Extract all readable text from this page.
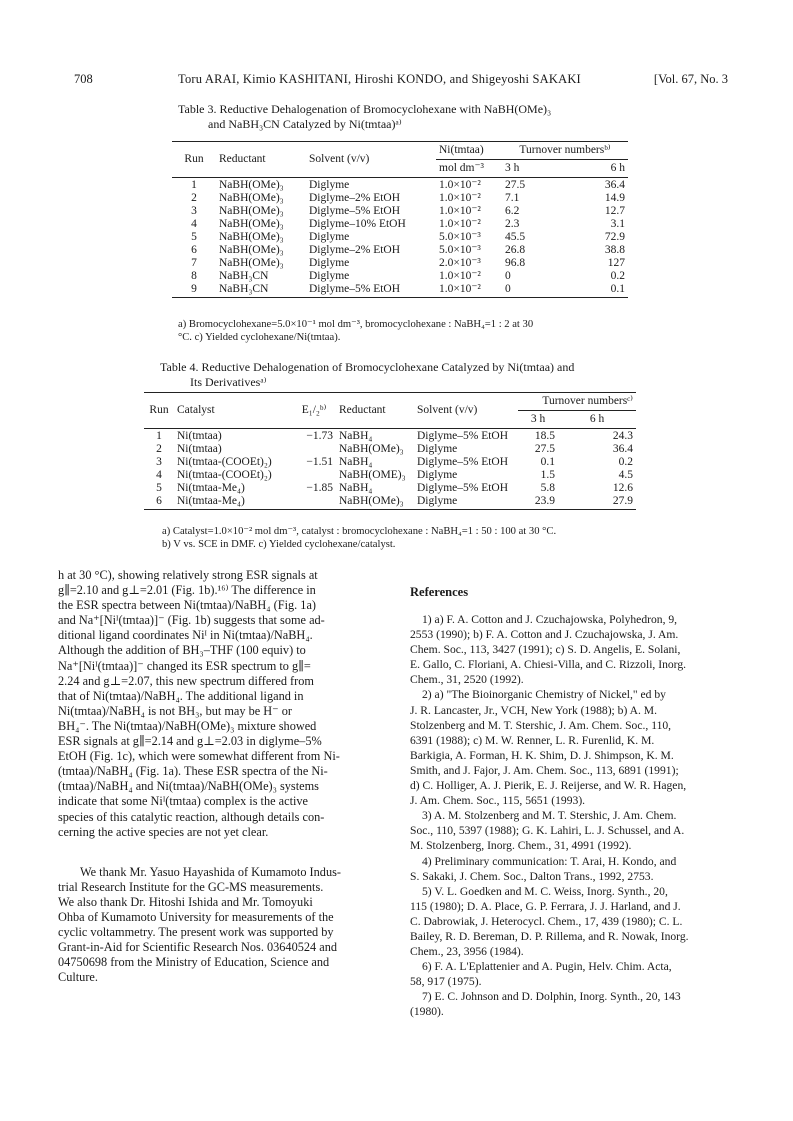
708	Toru ARAI, Kimio KASHITANI, Hiroshi KONDO, and Shigeyoshi SAKAKI	[Vol. 67, No. 3
Table 3. Reductive Dehalogenation of Bromocyclohexane with NaBH(OMe)₃
and NaBH₃CN Catalyzed by Ni(tmtaa)ᵃ⁾
Run	Reductant	Solvent (v/v)	Ni(tmtaa)	Turnover numbersᵇ⁾	
			mol dm⁻³	3 h	6 h
1	NaBH(OMe)₃	Diglyme	1.0×10⁻²	27.5	36.4
2	NaBH(OMe)₃	Diglyme–2% EtOH	1.0×10⁻²	7.1	14.9
3	NaBH(OMe)₃	Diglyme–5% EtOH	1.0×10⁻²	6.2	12.7
4	NaBH(OMe)₃	Diglyme–10% EtOH	1.0×10⁻²	2.3	3.1
5	NaBH(OMe)₃	Diglyme	5.0×10⁻³	45.5	72.9
6	NaBH(OMe)₃	Diglyme–2% EtOH	5.0×10⁻³	26.8	38.8
7	NaBH(OMe)₃	Diglyme	2.0×10⁻³	96.8	127
8	NaBH₃CN	Diglyme	1.0×10⁻²	0	0.2
9	NaBH₃CN	Diglyme–5% EtOH	1.0×10⁻²	0	0.1
a) Bromocyclohexane=5.0×10⁻¹ mol dm⁻³, bromocyclohexane : NaBH₄=1 : 2 at 30
°C. c) Yielded cyclohexane/Ni(tmtaa).
Table 4. Reductive Dehalogenation of Bromocyclohexane Catalyzed by Ni(tmtaa) and
Its Derivativesᵃ⁾
Run	Catalyst	E₁/₂ᵇ⁾	Reductant	Solvent (v/v)	Turnover numbersᶜ⁾	
					3 h	6 h
1	Ni(tmtaa)	−1.73	NaBH₄	Diglyme–5% EtOH	18.5	24.3
2	Ni(tmtaa)		NaBH(OMe)₃	Diglyme	27.5	36.4
3	Ni(tmtaa-(COOEt)₂)	−1.51	NaBH₄	Diglyme–5% EtOH	0.1	0.2
4	Ni(tmtaa-(COOEt)₂)		NaBH(OME)₃	Diglyme	1.5	4.5
5	Ni(tmtaa-Me₄)	−1.85	NaBH₄	Diglyme–5% EtOH	5.8	12.6
6	Ni(tmtaa-Me₄)		NaBH(OMe)₃	Diglyme	23.9	27.9
a) Catalyst=1.0×10⁻² mol dm⁻³, catalyst : bromocyclohexane : NaBH₄=1 : 50 : 100 at 30 °C.
b) V vs. SCE in DMF. c) Yielded cyclohexane/catalyst.
h at 30 °C), showing relatively strong ESR signals at
g∥=2.10 and g⊥=2.01 (Fig. 1b).¹⁶⁾ The difference in
the ESR spectra between Ni(tmtaa)/NaBH₄ (Fig. 1a)
and Na⁺[Niᴵ(tmtaa)]⁻ (Fig. 1b) suggests that some ad-
ditional ligand coordinates Niᴵ in Ni(tmtaa)/NaBH₄.
Although the addition of BH₃–THF (100 equiv) to
Na⁺[Niᴵ(tmtaa)]⁻ changed its ESR spectrum to g∥=
2.24 and g⊥=2.07, this new spectrum differed from
that of Ni(tmtaa)/NaBH₄. The additional ligand in
Ni(tmtaa)/NaBH₄ is not BH₃, but may be H⁻ or
BH₄⁻. The Ni(tmtaa)/NaBH(OMe)₃ mixture showed
ESR signals at g∥=2.14 and g⊥=2.03 in diglyme–5%
EtOH (Fig. 1c), which were somewhat different from Ni-
(tmtaa)/NaBH₄ (Fig. 1a). These ESR spectra of the Ni-
(tmtaa)/NaBH₄ and Ni(tmtaa)/NaBH(OMe)₃ systems
indicate that some Niᴵ(tmtaa) complex is the active
species of this catalytic reaction, although details con-
cerning the active species are not yet clear.
We thank Mr. Yasuo Hayashida of Kumamoto Indus-
trial Research Institute for the GC-MS measurements.
We also thank Dr. Hitoshi Ishida and Mr. Tomoyuki
Ohba of Kumamoto University for measurements of the
cyclic voltammetry. The present work was supported by
Grant-in-Aid for Scientific Research Nos. 03640524 and
04750698 from the Ministry of Education, Science and
Culture.
References
1) a) F. A. Cotton and J. Czuchajowska, Polyhedron, 9,
2553 (1990); b) F. A. Cotton and J. Czuchajowska, J. Am.
Chem. Soc., 113, 3427 (1991); c) S. D. Angelis, E. Solani,
E. Gallo, C. Floriani, A. Chiesi-Villa, and C. Rizzoli, Inorg.
Chem., 31, 2520 (1992).
2) a) "The Bioinorganic Chemistry of Nickel," ed by
J. R. Lancaster, Jr., VCH, New York (1988); b) A. M.
Stolzenberg and M. T. Stershic, J. Am. Chem. Soc., 110,
6391 (1988); c) M. W. Renner, L. R. Furenlid, K. M.
Barkigia, A. Forman, H. K. Shim, D. J. Shimpson, K. M.
Smith, and J. Fajor, J. Am. Chem. Soc., 113, 6891 (1991);
d) C. Holliger, A. J. Pierik, E. J. Reijerse, and W. R. Hagen,
J. Am. Chem. Soc., 115, 5651 (1993).
3) A. M. Stolzenberg and M. T. Stershic, J. Am. Chem.
Soc., 110, 5397 (1988); G. K. Lahiri, L. J. Schussel, and A.
M. Stolzenberg, Inorg. Chem., 31, 4991 (1992).
4) Preliminary communication: T. Arai, H. Kondo, and
S. Sakaki, J. Chem. Soc., Dalton Trans., 1992, 2753.
5) V. L. Goedken and M. C. Weiss, Inorg. Synth., 20,
115 (1980); D. A. Place, G. P. Ferrara, J. J. Harland, and J.
C. Dabrowiak, J. Heterocycl. Chem., 17, 439 (1980); C. L.
Bailey, R. D. Bereman, D. P. Rillema, and R. Nowak, Inorg.
Chem., 23, 3956 (1984).
6) F. A. L'Eplattenier and A. Pugin, Helv. Chim. Acta,
58, 917 (1975).
7) E. C. Johnson and D. Dolphin, Inorg. Synth., 20, 143
(1980).
